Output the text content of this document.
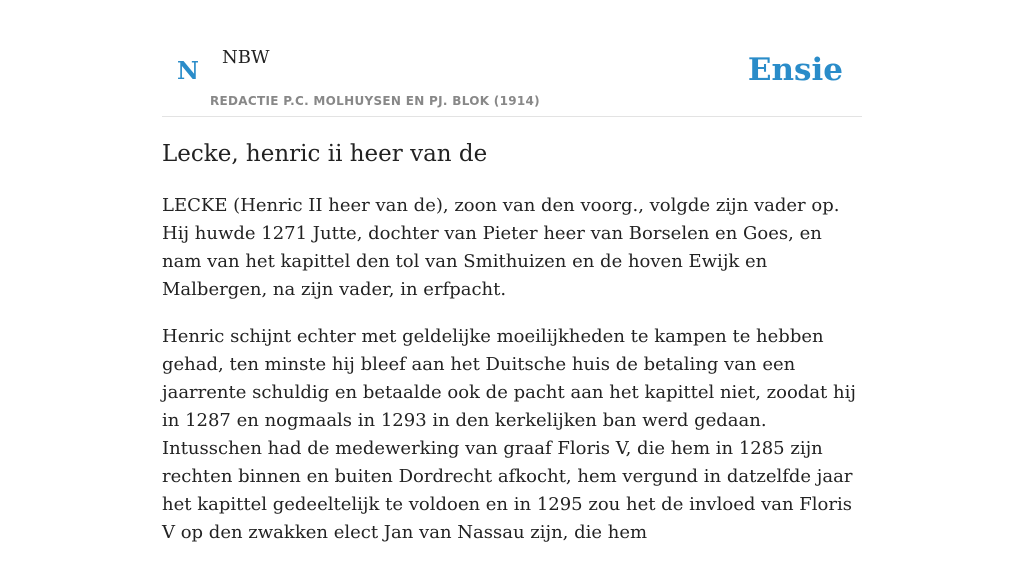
N NBW
REDACTIE P.C. MOLHUYSEN EN PJ. BLOK (1914)
Ensie
Lecke, henric ii heer van de

LECKE (Henric II heer van de), zoon van den voorg., volgde zijn vader op. Hij huwde 1271 Jutte, dochter van Pieter heer van Borselen en Goes, en nam van het kapittel den tol van Smithuizen en de hoven Ewijk en Malbergen, na zijn vader, in erfpacht.

Henric schijnt echter met geldelijke moeilijkheden te kampen te hebben gehad, ten minste hij bleef aan het Duitsche huis de betaling van een jaarrente schuldig en betaalde ook de pacht aan het kapittel niet, zoodat hij in 1287 en nogmaals in 1293 in den kerkelijken ban werd gedaan. Intusschen had de medewerking van graaf Floris V, die hem in 1285 zijn rechten binnen en buiten Dordrecht afkocht, hem vergund in datzelfde jaar het kapittel gedeeltelijk te voldoen en in 1295 zou het de invloed van Floris V op den zwakken elect Jan van Nassau zijn, die hem
